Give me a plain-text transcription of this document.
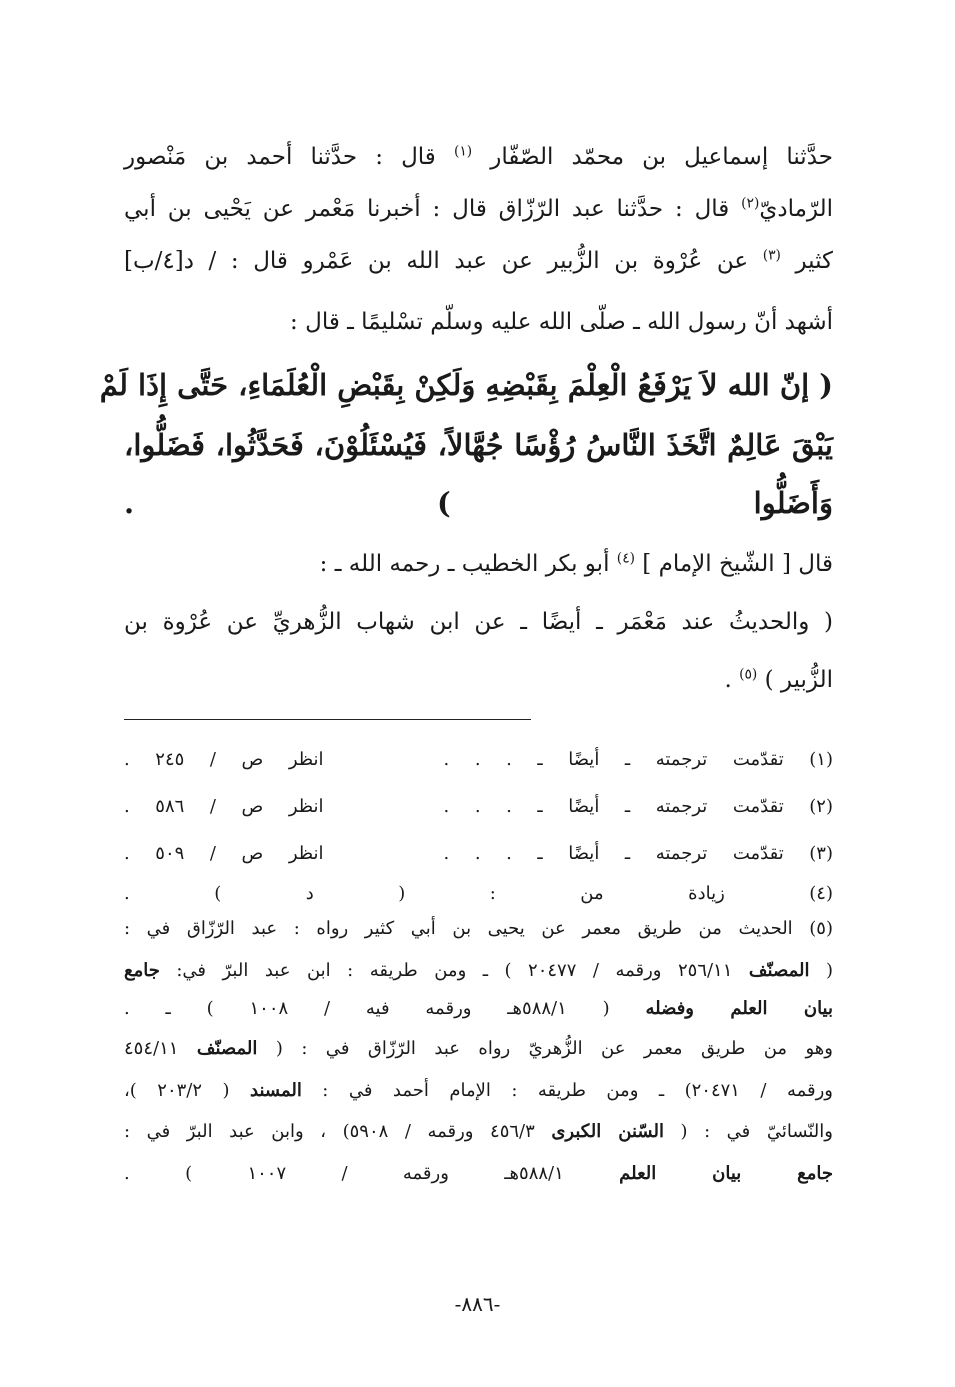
حدَّثنا إسماعيل بن محمّد الصّفّار $^{(١)}$ قال : حدَّثنا أحمد بن مَنْصور
الرّماديّ$^{(٢)}$ قال : حدَّثنا عبد الرّزّاق قال : أخبرنا مَعْمر عن يَحْيى بن أبي
كثير $^{(٣)}$ عن عُرْوة بن الزُّبير عن عبد الله بن عَمْرو قال : / د[٤/ب]
أشهد أنّ رسول الله ـ صلّى الله عليه وسلّم تسْليمًا ـ قال :
( إنّ الله لاَ يَرْفَعُ الْعِلْمَ بِقَبْضِهِ وَلَكِنْ بِقَبْضِ الْعُلَمَاءِ، حَتَّى إِذَا لَمْ
يَبْقَ عَالِمٌ اتَّخَذَ النَّاسُ رُؤْسًا جُهَّالاً، فَيُسْئَلُوْنَ، فَحَدَّثُوا، فَضَلُّوا،
وَأَضَلُّوا ) .
قال [ الشّيخ الإمام ] $^{(٤)}$ أبو بكر الخطيب ـ رحمه الله ـ :
( والحديثُ عند مَعْمَر ـ أيضًا ـ عن ابن شهاب الزُّهريِّ عن عُرْوة بن
الزُّبير ) $^{(٥)}$ .
(١) تقدّمت ترجمته ـ أيضًا ـ . . .انظر ص / ٢٤٥ .
(٢) تقدّمت ترجمته ـ أيضًا ـ . . .انظر ص / ٥٨٦ .
(٣) تقدّمت ترجمته ـ أيضًا ـ . . .انظر ص / ٥٠٩ .
(٤) زيادة من : ( د ) .
(٥) الحديث من طريق معمر عن يحيى بن أبي كثير رواه : عبد الرّزّاق في :
( المصنّف ٢٥٦/١١ ورقمه / ٢٠٤٧٧ ) ـ ومن طريقه : ابن عبد البرّ في: جامع
بيان العلم وفضله ( ٥٨٨/١هـ ورقمه فيه / ١٠٠٨ ) ـ .
وهو من طريق معمر عن الزُّهريّ رواه عبد الرّزّاق في : ( المصنّف ٤٥٤/١١
ورقمه / ٢٠٤٧١) ـ ومن طريقه : الإمام أحمد في : المسند ( ٢٠٣/٢ )،
والنّسائيّ في : ( السّنن الكبرى ٤٥٦/٣ ورقمه / ٥٩٠٨) ، وابن عبد البرّ في :
جامع بيان العلم ٥٨٨/١هـ ورقمه / ١٠٠٧ ) .
-٨٨٦-
